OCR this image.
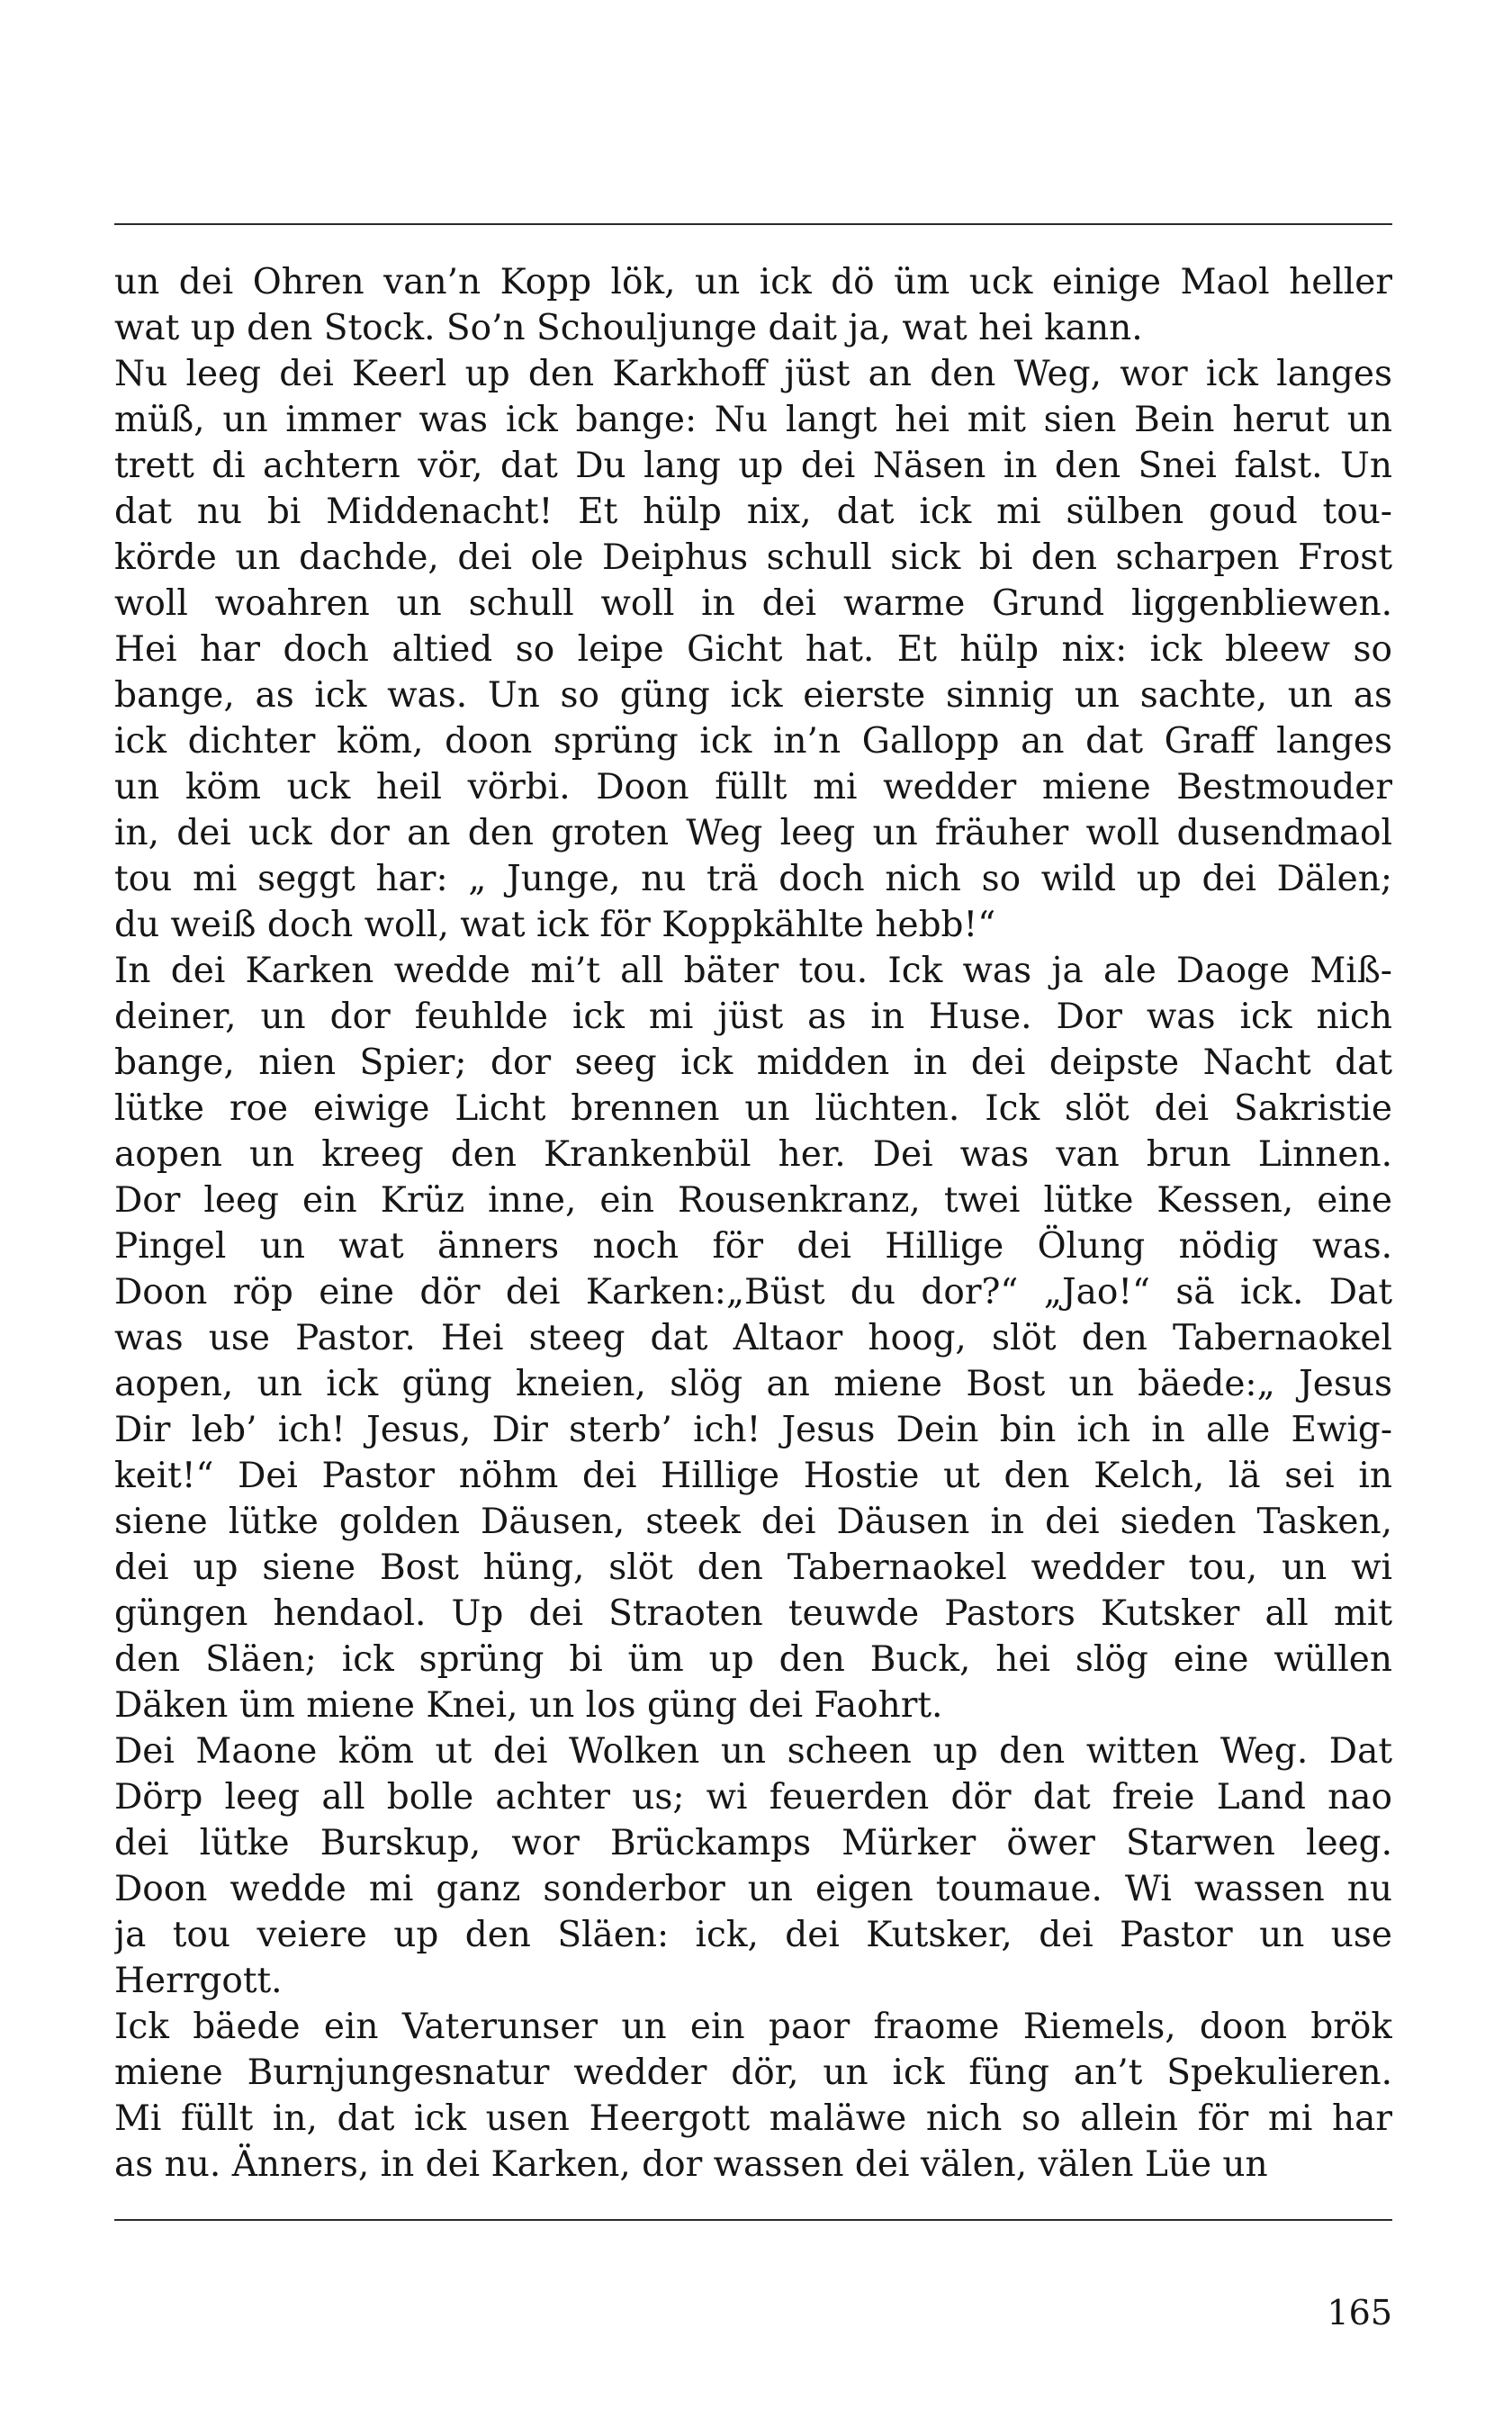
un dei Ohren van’n Kopp lök, un ick dö üm uck einige Maol heller
wat up den Stock. So’n Schouljunge dait ja, wat hei kann.
Nu leeg dei Keerl up den Karkhoff jüst an den Weg, wor ick langes
müß, un immer was ick bange: Nu langt hei mit sien Bein herut un
trett di achtern vör, dat Du lang up dei Näsen in den Snei falst. Un
dat nu bi Middenacht! Et hülp nix, dat ick mi sülben goud tou-
körde un dachde, dei ole Deiphus schull sick bi den scharpen Frost
woll woahren un schull woll in dei warme Grund liggenbliewen.
Hei har doch altied so leipe Gicht hat. Et hülp nix: ick bleew so
bange, as ick was. Un so güng ick eierste sinnig un sachte, un as
ick dichter köm, doon sprüng ick in’n Gallopp an dat Graff langes
un köm uck heil vörbi. Doon füllt mi wedder miene Bestmouder
in, dei uck dor an den groten Weg leeg un fräuher woll dusendmaol
tou mi seggt har: „ Junge, nu trä doch nich so wild up dei Dälen;
du weiß doch woll, wat ick för Koppkählte hebb!“
In dei Karken wedde mi’t all bäter tou. Ick was ja ale Daoge Miß-
deiner, un dor feuhlde ick mi jüst as in Huse. Dor was ick nich
bange, nien Spier; dor seeg ick midden in dei deipste Nacht dat
lütke roe eiwige Licht brennen un lüchten. Ick slöt dei Sakristie
aopen un kreeg den Krankenbül her. Dei was van brun Linnen.
Dor leeg ein Krüz inne, ein Rousenkranz, twei lütke Kessen, eine
Pingel un wat änners noch för dei Hillige Ölung nödig was.
Doon röp eine dör dei Karken:„Büst du dor?“ „Jao!“ sä ick. Dat
was use Pastor. Hei steeg dat Altaor hoog, slöt den Tabernaokel
aopen, un ick güng kneien, slög an miene Bost un bäede:„ Jesus
Dir leb’ ich! Jesus, Dir sterb’ ich! Jesus Dein bin ich in alle Ewig-
keit!“ Dei Pastor nöhm dei Hillige Hostie ut den Kelch, lä sei in
siene lütke golden Däusen, steek dei Däusen in dei sieden Tasken,
dei up siene Bost hüng, slöt den Tabernaokel wedder tou, un wi
güngen hendaol. Up dei Straoten teuwde Pastors Kutsker all mit
den Släen; ick sprüng bi üm up den Buck, hei slög eine wüllen
Däken üm miene Knei, un los güng dei Faohrt.
Dei Maone köm ut dei Wolken un scheen up den witten Weg. Dat
Dörp leeg all bolle achter us; wi feuerden dör dat freie Land nao
dei lütke Burskup, wor Brückamps Mürker öwer Starwen leeg.
Doon wedde mi ganz sonderbor un eigen toumaue. Wi wassen nu
ja tou veiere up den Släen: ick, dei Kutsker, dei Pastor un use
Herrgott.
Ick bäede ein Vaterunser un ein paor fraome Riemels, doon brök
miene Burnjungesnatur wedder dör, un ick füng an’t Spekulieren.
Mi füllt in, dat ick usen Heergott maläwe nich so allein för mi har
as nu. Änners, in dei Karken, dor wassen dei välen, välen Lüe un
165
